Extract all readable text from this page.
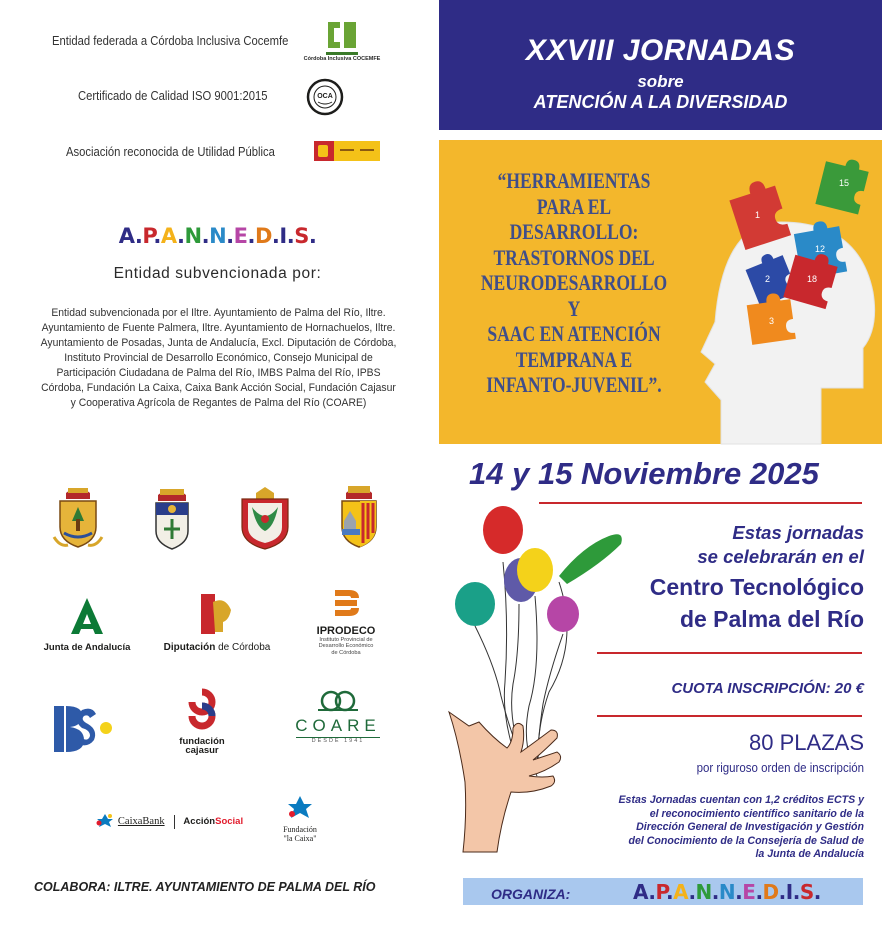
Entidad federada a Córdoba Inclusiva Cocemfe
Córdoba Inclusiva COCEMFE
Certificado de Calidad ISO 9001:2015	OCA
Asociación reconocida de Utilidad Pública
A.P.A.N.N.E.D.I.S.
Entidad subvencionada por:
Entidad subvencionada por el Iltre. Ayuntamiento de Palma del Río, Iltre. Ayuntamiento de Fuente Palmera, Iltre. Ayuntamiento de Hornachuelos, Iltre. Ayuntamiento de Posadas, Junta de Andalucía, Excl. Diputación de Córdoba, Instituto Provincial de Desarrollo Económico, Consejo Municipal de Participación Ciudadana de Palma del Río, IMBS Palma del Río, IPBS Córdoba, Fundación La Caixa, Caixa Bank Acción Social, Fundación Cajasur y Cooperativa Agrícola de Regantes de Palma del Río (COARE)
Junta de Andalucía	Diputación de Córdoba
IPRODECO
Instituto Provincial de
Desarrollo Económico
de Córdoba
fundación
cajasur
COARE
DESDE 1941
CaixaBank AcciónSocial
Fundación
"la Caixa"
COLABORA: ILTRE. AYUNTAMIENTO DE PALMA DEL RÍO
XXVIII JORNADAS
sobre
ATENCIÓN A LA DIVERSIDAD
“HERRAMIENTAS
PARA EL DESARROLLO:
TRASTORNOS DEL
NEURODESARROLLO Y
SAAC EN ATENCIÓN
TEMPRANA E
INFANTO-JUVENIL”.
1
15
12
2	18
3
14 y 15 Noviembre 2025
Estas jornadas
se celebrarán en el
Centro Tecnológico
de Palma del Río
CUOTA INSCRIPCIÓN: 20 €
80 PLAZAS
por riguroso orden de inscripción
Estas Jornadas cuentan con 1,2 créditos ECTS y
el reconocimiento científico sanitario de la
Dirección General de Investigación y Gestión
del Conocimiento de la Consejería de Salud de
la Junta de Andalucía
ORGANIZA:	A.P.A.N.N.E.D.I.S.
